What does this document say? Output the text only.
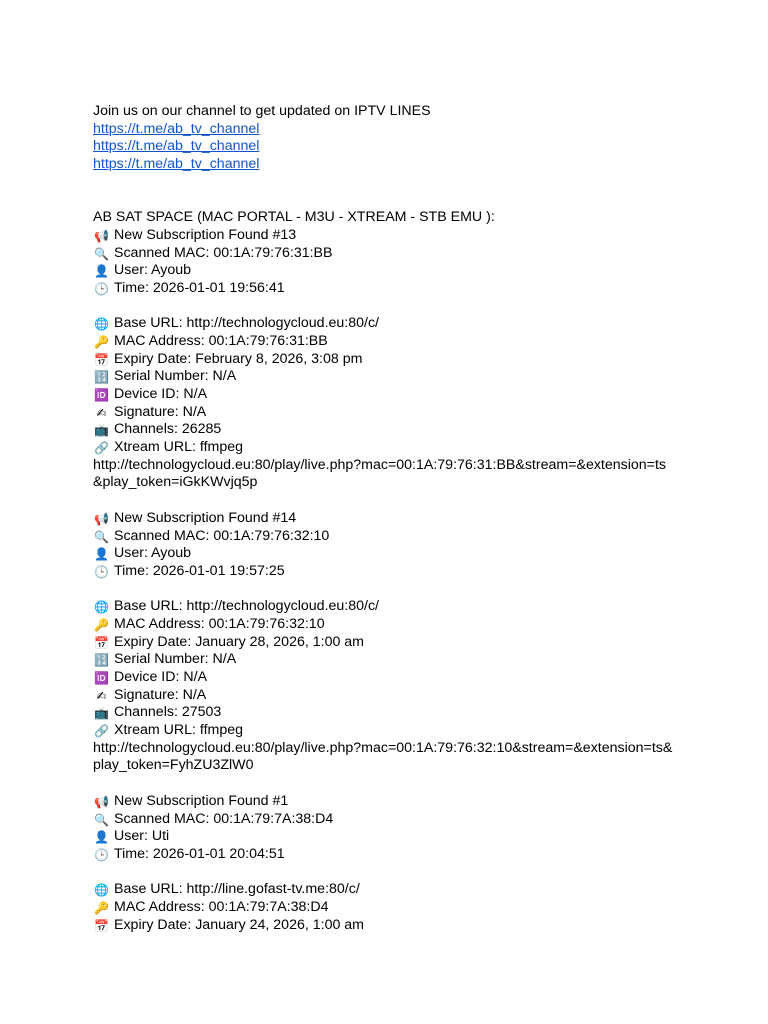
Join us on our channel to get updated on IPTV LINES
https://t.me/ab_tv_channel
https://t.me/ab_tv_channel
https://t.me/ab_tv_channel
AB SAT SPACE (MAC PORTAL - M3U - XTREAM - STB EMU ):
📢 New Subscription Found #13
🔍 Scanned MAC: 00:1A:79:76:31:BB
👤 User: Ayoub
🕒 Time: 2026-01-01 19:56:41
🌐 Base URL: http://technologycloud.eu:80/c/
🔑 MAC Address: 00:1A:79:76:31:BB
📅 Expiry Date: February 8, 2026, 3:08 pm
🔢 Serial Number: N/A
🆔 Device ID: N/A
✍ Signature: N/A
📺 Channels: 26285
🔗 Xtream URL: ffmpeg
http://technologycloud.eu:80/play/live.php?mac=00:1A:79:76:31:BB&stream=&extension=ts
&play_token=iGkKWvjq5p
📢 New Subscription Found #14
🔍 Scanned MAC: 00:1A:79:76:32:10
👤 User: Ayoub
🕒 Time: 2026-01-01 19:57:25
🌐 Base URL: http://technologycloud.eu:80/c/
🔑 MAC Address: 00:1A:79:76:32:10
📅 Expiry Date: January 28, 2026, 1:00 am
🔢 Serial Number: N/A
🆔 Device ID: N/A
✍ Signature: N/A
📺 Channels: 27503
🔗 Xtream URL: ffmpeg
http://technologycloud.eu:80/play/live.php?mac=00:1A:79:76:32:10&stream=&extension=ts&
play_token=FyhZU3ZlW0
📢 New Subscription Found #1
🔍 Scanned MAC: 00:1A:79:7A:38:D4
👤 User: Uti
🕒 Time: 2026-01-01 20:04:51
🌐 Base URL: http://line.gofast-tv.me:80/c/
🔑 MAC Address: 00:1A:79:7A:38:D4
📅 Expiry Date: January 24, 2026, 1:00 am
